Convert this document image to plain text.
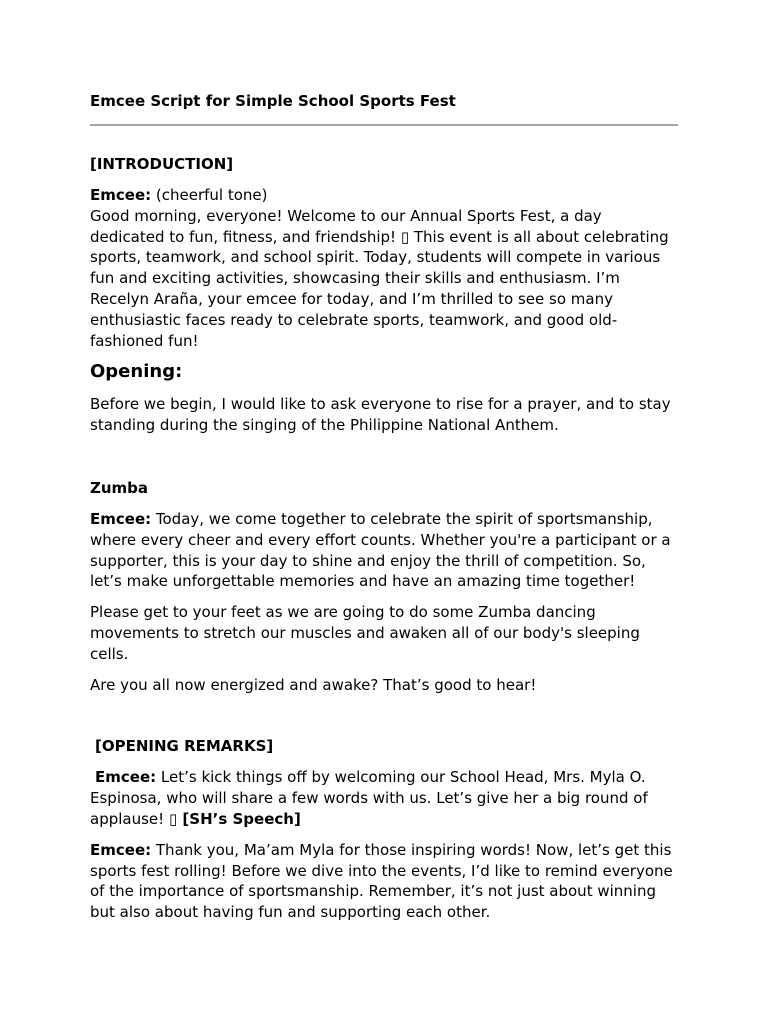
Emcee Script for Simple School Sports Fest
[INTRODUCTION]

Emcee: (cheerful tone)
Good morning, everyone! Welcome to our Annual Sports Fest, a day dedicated to fun, fitness, and friendship! ▯ This event is all about celebrating sports, teamwork, and school spirit. Today, students will compete in various fun and exciting activities, showcasing their skills and enthusiasm. I’m Recelyn Araña, your emcee for today, and I’m thrilled to see so many enthusiastic faces ready to celebrate sports, teamwork, and good old-fashioned fun!

Opening:

Before we begin, I would like to ask everyone to rise for a prayer, and to stay standing during the singing of the Philippine National Anthem.

Zumba

Emcee: Today, we come together to celebrate the spirit of sportsmanship, where every cheer and every effort counts. Whether you're a participant or a supporter, this is your day to shine and enjoy the thrill of competition. So, let’s make unforgettable memories and have an amazing time together!

Please get to your feet as we are going to do some Zumba dancing movements to stretch our muscles and awaken all of our body's sleeping cells.

Are you all now energized and awake? That’s good to hear!

[OPENING REMARKS]

Emcee: Let’s kick things off by welcoming our School Head, Mrs. Myla O. Espinosa, who will share a few words with us. Let’s give her a big round of applause! ▯ [SH’s Speech]

Emcee: Thank you, Ma’am Myla for those inspiring words! Now, let’s get this sports fest rolling! Before we dive into the events, I’d like to remind everyone of the importance of sportsmanship. Remember, it’s not just about winning but also about having fun and supporting each other.
